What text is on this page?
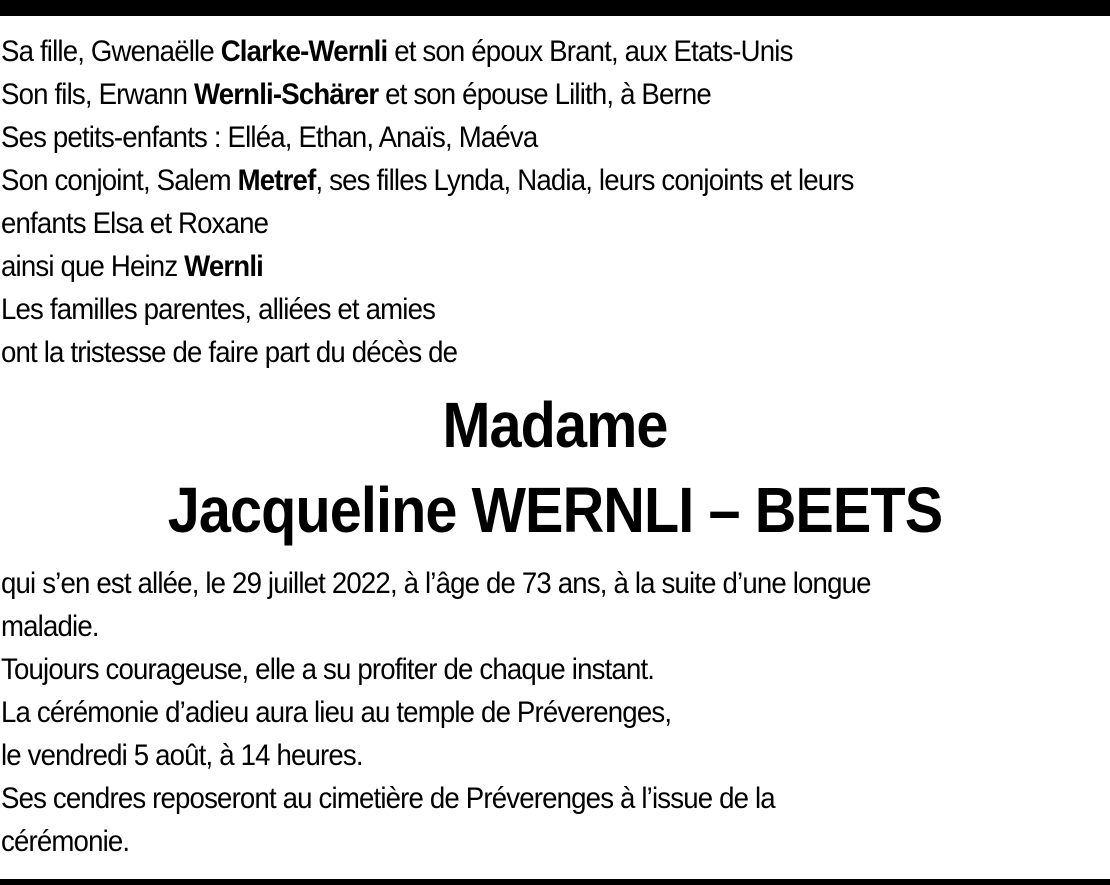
Sa fille, Gwenaëlle Clarke-Wernli et son époux Brant, aux Etats-Unis
Son fils, Erwann Wernli-Schärer et son épouse Lilith, à Berne
Ses petits-enfants : Elléa, Ethan, Anaïs, Maéva
Son conjoint, Salem Metref, ses filles Lynda, Nadia, leurs conjoints et leurs
enfants Elsa et Roxane
ainsi que Heinz Wernli
Les familles parentes, alliées et amies
ont la tristesse de faire part du décès de
Madame
Jacqueline WERNLI – BEETS
qui s’en est allée, le 29 juillet 2022, à l’âge de 73 ans, à la suite d’une longue
maladie.
Toujours courageuse, elle a su profiter de chaque instant.
La cérémonie d’adieu aura lieu au temple de Préverenges,
le vendredi 5 août, à 14 heures.
Ses cendres reposeront au cimetière de Préverenges à l’issue de la
cérémonie.
